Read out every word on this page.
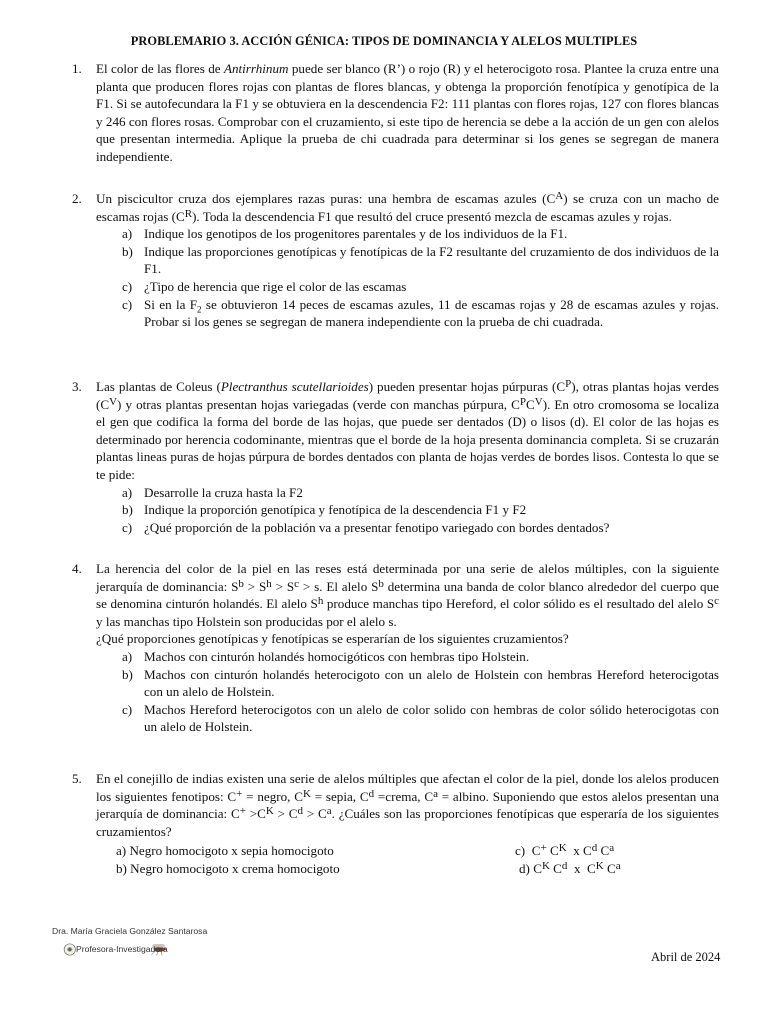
PROBLEMARIO 3. ACCIÓN GÉNICA: TIPOS DE DOMINANCIA Y ALELOS MULTIPLES
1. El color de las flores de Antirrhinum puede ser blanco (R’) o rojo (R) y el heterocigoto rosa. Plantee la cruza entre una planta que producen flores rojas con plantas de flores blancas, y obtenga la proporción fenotípica y genotípica de la F1. Si se autofecundara la F1 y se obtuviera en la descendencia F2: 111 plantas con flores rojas, 127 con flores blancas y 246 con flores rosas. Comprobar con el cruzamiento, si este tipo de herencia se debe a la acción de un gen con alelos que presentan intermedia. Aplique la prueba de chi cuadrada para determinar si los genes se segregan de manera independiente.
2. Un piscicultor cruza dos ejemplares razas puras: una hembra de escamas azules $(C^A)$ se cruza con un macho de escamas rojas $(C^R)$. Toda la descendencia F1 que resultó del cruce presentó mezcla de escamas azules y rojas.
a) Indique los genotipos de los progenitores parentales y de los individuos de la F1.
b) Indique las proporciones genotípicas y fenotípicas de la F2 resultante del cruzamiento de dos individuos de la F1.
c) ¿Tipo de herencia que rige el color de las escamas
c) Si en la $F_2$ se obtuvieron 14 peces de escamas azules, 11 de escamas rojas y 28 de escamas azules y rojas. Probar si los genes se segregan de manera independiente con la prueba de chi cuadrada.
3. Las plantas de Coleus (Plectranthus scutellarioides) pueden presentar hojas púrpuras $(C^P)$, otras plantas hojas verdes $(C^V)$ y otras plantas presentan hojas variegadas (verde con manchas púrpura, $C^PC^V$). En otro cromosoma se localiza el gen que codifica la forma del borde de las hojas, que puede ser dentados (D) o lisos (d). El color de las hojas es determinado por herencia codominante, mientras que el borde de la hoja presenta dominancia completa. Si se cruzarán plantas lineas puras de hojas púrpura de bordes dentados con planta de hojas verdes de bordes lisos. Contesta lo que se te pide:
a) Desarrolle la cruza hasta la F2
b) Indique la proporción genotípica y fenotípica de la descendencia F1 y F2
c) ¿Qué proporción de la población va a presentar fenotipo variegado con bordes dentados?
4. La herencia del color de la piel en las reses está determinada por una serie de alelos múltiples, con la siguiente jerarquía de dominancia: $S^b > S^h > S^c > s$. El alelo $S^b$ determina una banda de color blanco alrededor del cuerpo que se denomina cinturón holandés. El alelo $S^h$ produce manchas tipo Hereford, el color sólido es el resultado del alelo $S^c$ y las manchas tipo Holstein son producidas por el alelo s.
¿Qué proporciones genotípicas y fenotípicas se esperarían de los siguientes cruzamientos?
a) Machos con cinturón holandés homocigóticos con hembras tipo Holstein.
b) Machos con cinturón holandés heterocigoto con un alelo de Holstein con hembras Hereford heterocigotas con un alelo de Holstein.
c) Machos Hereford heterocigotos con un alelo de color solido con hembras de color sólido heterocigotas con un alelo de Holstein.
5. En el conejillo de indias existen una serie de alelos múltiples que afectan el color de la piel, donde los alelos producen los siguientes fenotipos: C+ = negro, $C^K$ = sepia, $C^d$ =crema, $C^a$ = albino. Suponiendo que estos alelos presentan una jerarquía de dominancia: $C^+ >C^K > C^d > C^a$. ¿Cuáles son las proporciones fenotípicas que esperaría de los siguientes cruzamientos?
a) Negro homocigoto x sepia homocigoto	c)  C+ $C^K$  x $C^d$ $C^a$
b) Negro homocigoto x crema homocigoto	d) $C^K$ $C^d$  x  $C^K$ $C^a$
Dra. María Graciela González Santarosa
Profesora-Investigadora
Abril de 2024
